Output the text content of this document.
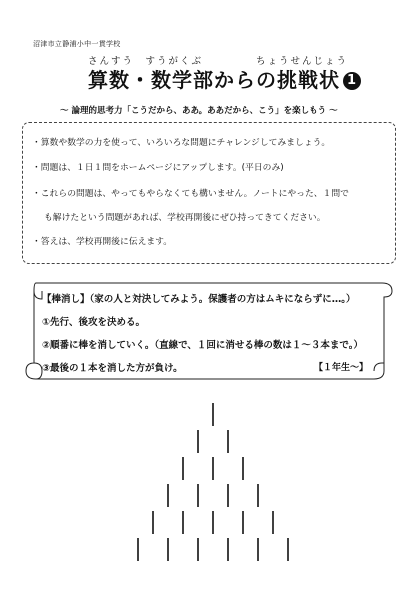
沼津市立静浦小中一貫学校
さんすう　すうがくぶ	ちょうせんじょう
算数・数学部からの挑戦状 1
～ 論理的思考力「こうだから、ああ。ああだから、こう」を楽しもう ～
・算数や数学の力を使って、いろいろな問題にチャレンジしてみましょう。
・問題は、１日１問をホームページにアップします。(平日のみ)
・これらの問題は、やってもやらなくても構いません。ノートにやった、１問で
も解けたという問題があれば、学校再開後にぜひ持ってきてください。
・答えは、学校再開後に伝えます。
【棒消し】（家の人と対決してみよう。保護者の方はムキにならずに…。）
①先行、後攻を決める。
②順番に棒を消していく。（直線で、１回に消せる棒の数は１～３本まで。）
③最後の１本を消した方が負け。	【１年生～】
